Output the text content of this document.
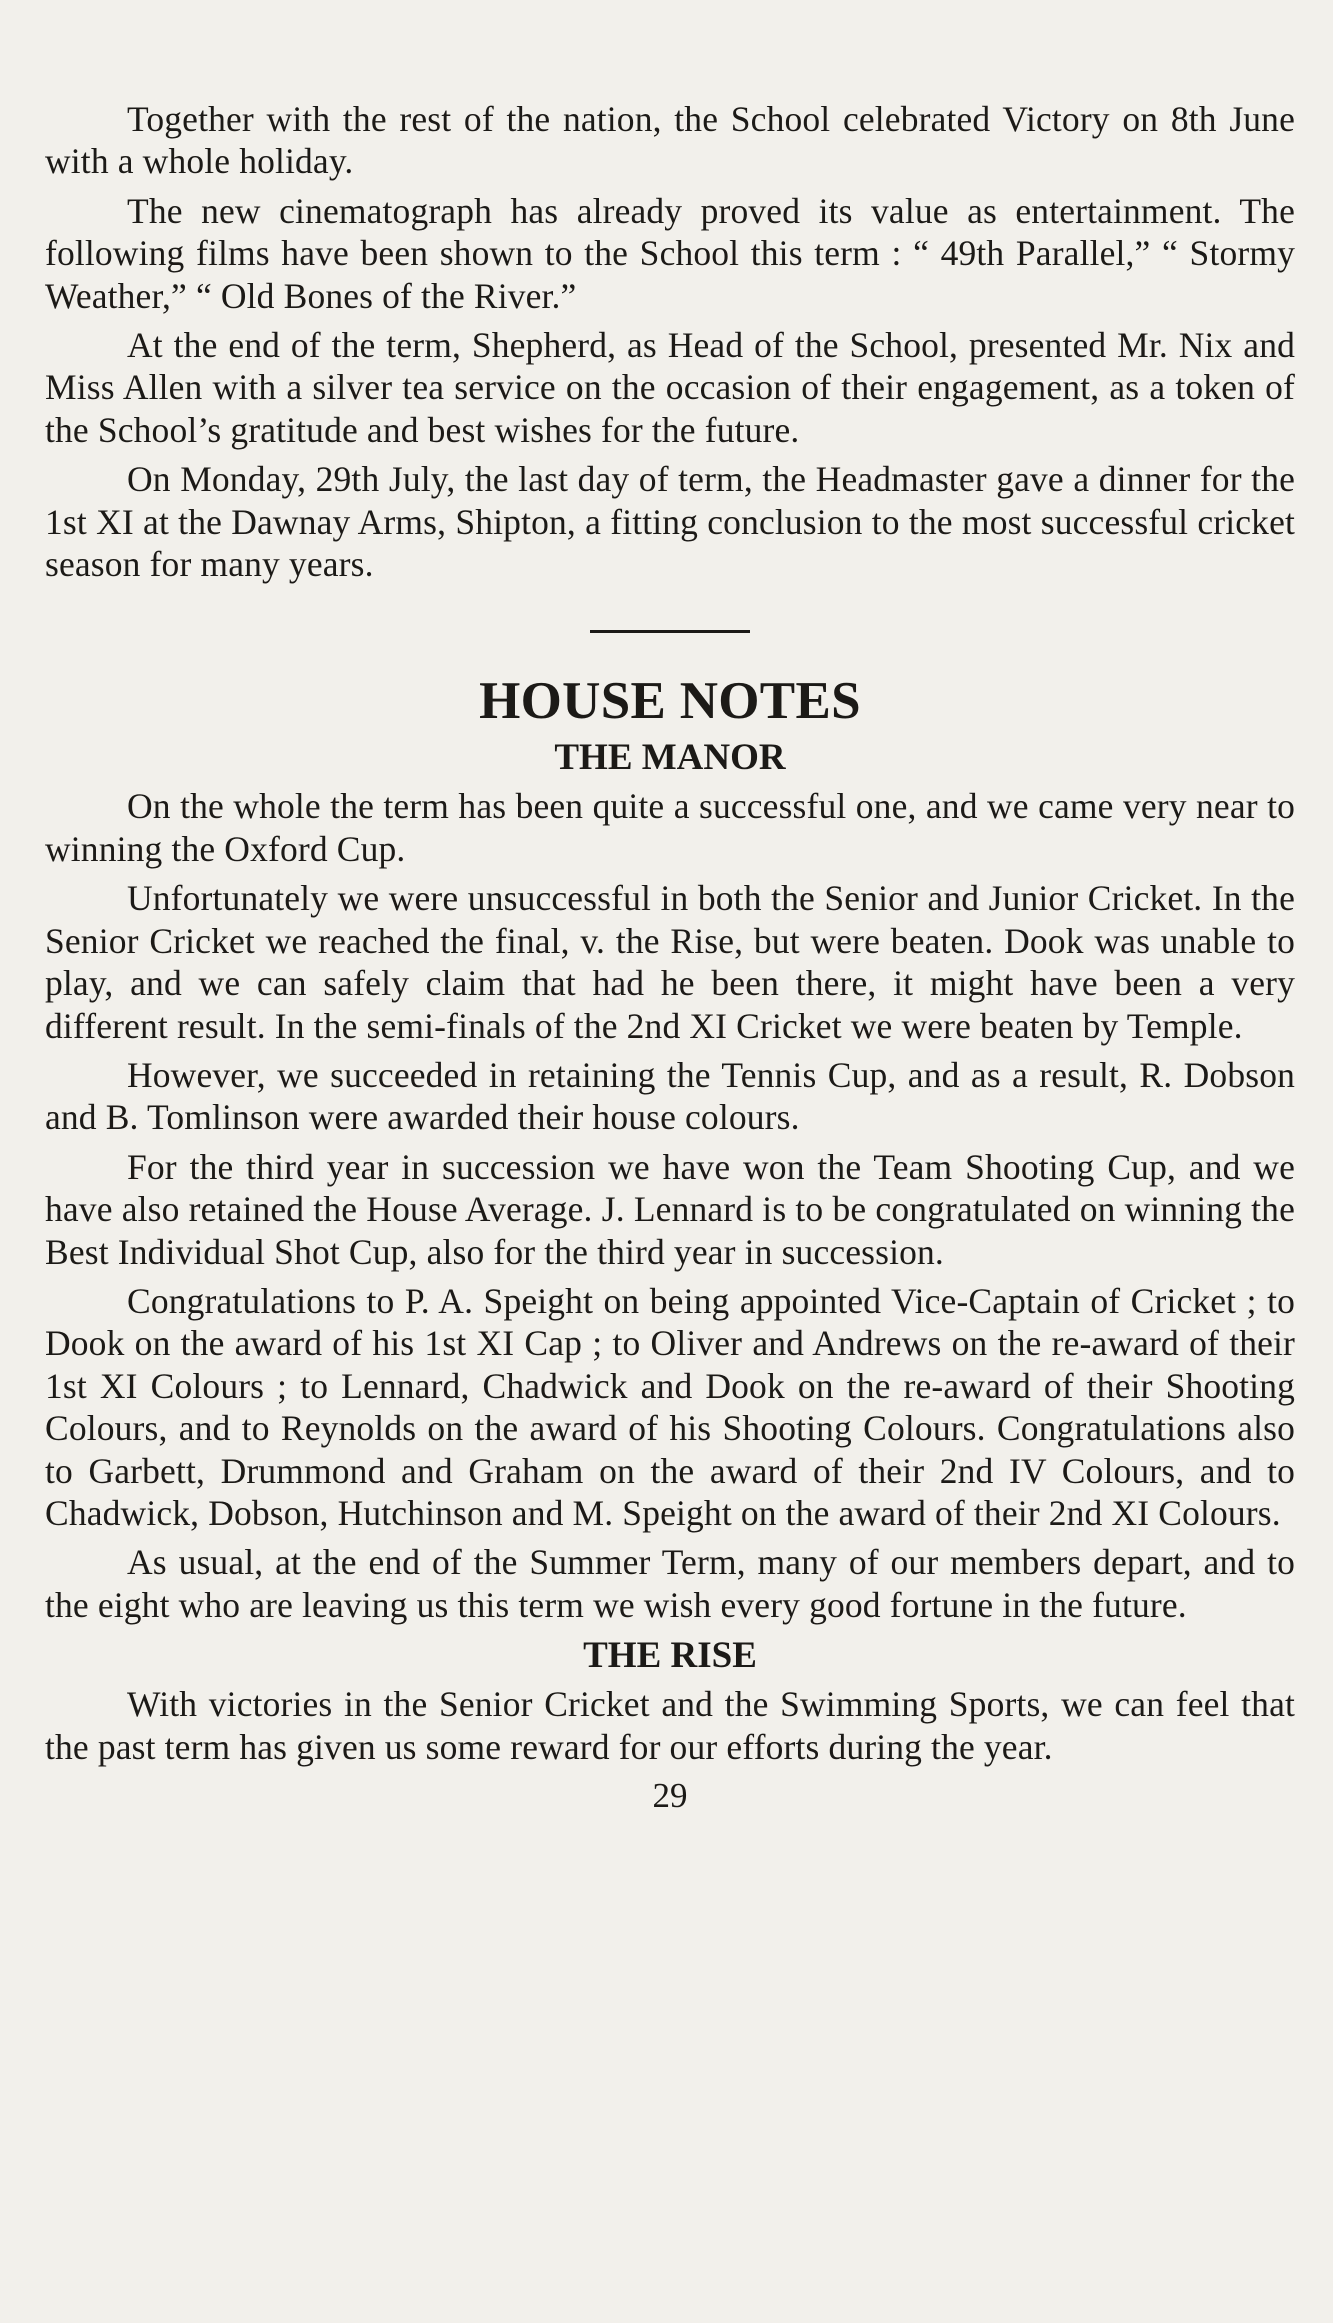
Together with the rest of the nation, the School celebrated Victory on 8th June with a whole holiday.

The new cinematograph has already proved its value as entertainment. The following films have been shown to the School this term : “ 49th Parallel,” “ Stormy Weather,” “ Old Bones of the River.”

At the end of the term, Shepherd, as Head of the School, presented Mr. Nix and Miss Allen with a silver tea service on the occasion of their engagement, as a token of the School’s gratitude and best wishes for the future.

On Monday, 29th July, the last day of term, the Headmaster gave a dinner for the 1st XI at the Dawnay Arms, Shipton, a fitting conclusion to the most successful cricket season for many years.

HOUSE NOTES
THE MANOR

On the whole the term has been quite a successful one, and we came very near to winning the Oxford Cup.

Unfortunately we were unsuccessful in both the Senior and Junior Cricket. In the Senior Cricket we reached the final, v. the Rise, but were beaten. Dook was unable to play, and we can safely claim that had he been there, it might have been a very different result. In the semi-finals of the 2nd XI Cricket we were beaten by Temple.

However, we succeeded in retaining the Tennis Cup, and as a result, R. Dobson and B. Tomlinson were awarded their house colours.

For the third year in succession we have won the Team Shooting Cup, and we have also retained the House Average. J. Lennard is to be congratulated on winning the Best Individual Shot Cup, also for the third year in succession.

Congratulations to P. A. Speight on being appointed Vice-Captain of Cricket ; to Dook on the award of his 1st XI Cap ; to Oliver and Andrews on the re-award of their 1st XI Colours ; to Lennard, Chadwick and Dook on the re-award of their Shooting Colours, and to Reynolds on the award of his Shooting Colours. Congratulations also to Garbett, Drummond and Graham on the award of their 2nd IV Colours, and to Chadwick, Dobson, Hutchinson and M. Speight on the award of their 2nd XI Colours.

As usual, at the end of the Summer Term, many of our members depart, and to the eight who are leaving us this term we wish every good fortune in the future.

THE RISE

With victories in the Senior Cricket and the Swimming Sports, we can feel that the past term has given us some reward for our efforts during the year.

29
